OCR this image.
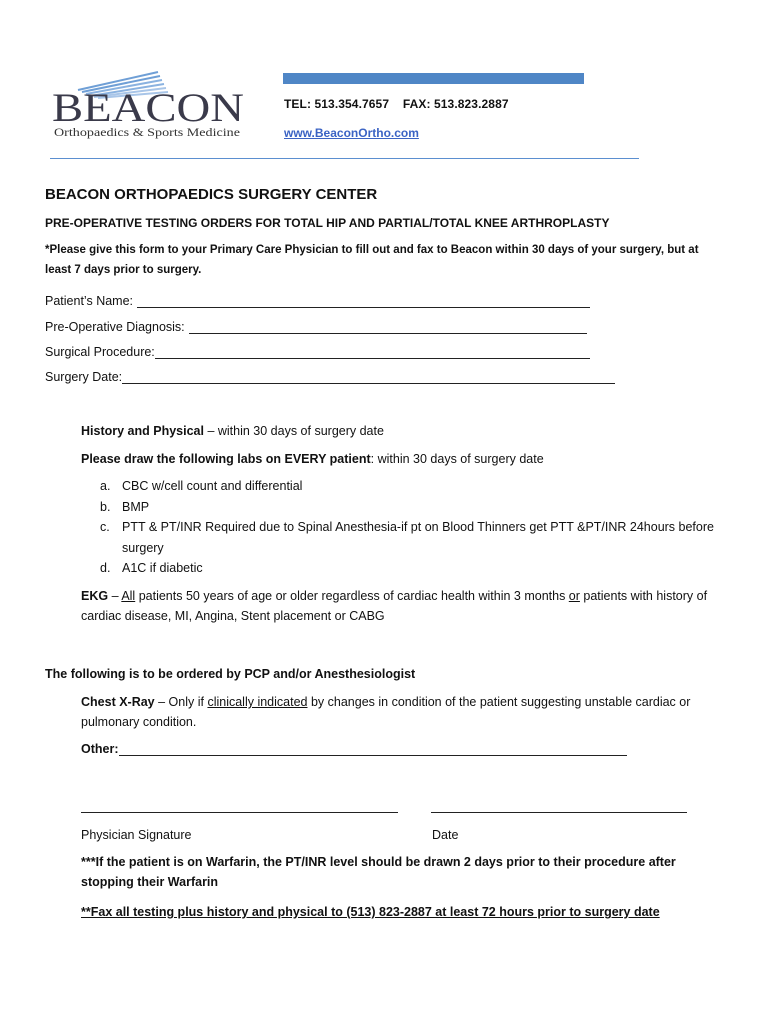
BEACON
Orthopaedics & Sports Medicine
TEL: 513.354.7657    FAX: 513.823.2887
www.BeaconOrtho.com
BEACON ORTHOPAEDICS SURGERY CENTER
PRE-OPERATIVE TESTING ORDERS FOR TOTAL HIP AND PARTIAL/TOTAL KNEE ARTHROPLASTY
*Please give this form to your Primary Care Physician to fill out and fax to Beacon within 30 days of your surgery, but at least 7 days prior to surgery.
Patient’s Name:
Pre-Operative Diagnosis:
Surgical Procedure:
Surgery Date:
History and Physical – within 30 days of surgery date
Please draw the following labs on EVERY patient: within 30 days of surgery date
a. CBC w/cell count and differential
b. BMP
c. PTT & PT/INR Required due to Spinal Anesthesia-if pt on Blood Thinners get PTT &PT/INR 24hours before surgery
d. A1C if diabetic
EKG – All patients 50 years of age or older regardless of cardiac health within 3 months or patients with history of cardiac disease, MI, Angina, Stent placement or CABG
The following is to be ordered by PCP and/or Anesthesiologist
Chest X-Ray – Only if clinically indicated by changes in condition of the patient suggesting unstable cardiac or pulmonary condition.
Other:
Physician Signature	Date
***If the patient is on Warfarin, the PT/INR level should be drawn 2 days prior to their procedure after stopping their Warfarin
**Fax all testing plus history and physical to (513) 823-2887 at least 72 hours prior to surgery date
